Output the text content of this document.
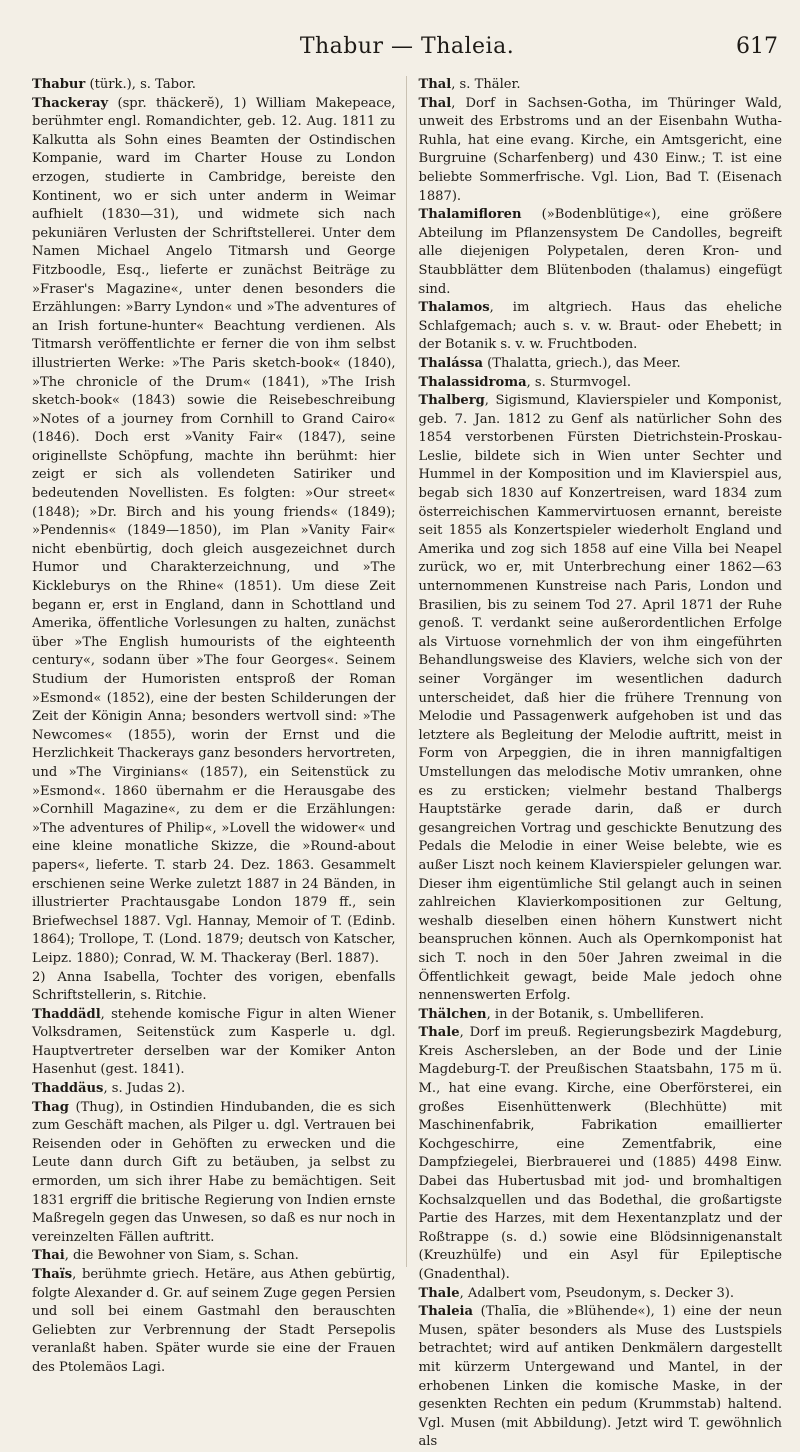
Thabur — Thaleia.	617
Thabur (türk.), s. Tabor.
Thackeray (spr. thäckerĕ), 1) William Makepeace, berühmter engl. Romandichter, geb. 12. Aug. 1811 zu Kalkutta als Sohn eines Beamten der Ostindischen Kompanie, ward im Charter House zu London erzogen, studierte in Cambridge, bereiste den Kontinent, wo er sich unter anderm in Weimar aufhielt (1830—31), und widmete sich nach pekuniären Verlusten der Schriftstellerei. Unter dem Namen Michael Angelo Titmarsh und George Fitzboodle, Esq., lieferte er zunächst Beiträge zu »Fraser's Magazine«, unter denen besonders die Erzählungen: »Barry Lyndon« und »The adventures of an Irish fortune-hunter« Beachtung verdienen. Als Titmarsh veröffentlichte er ferner die von ihm selbst illustrierten Werke: »The Paris sketch-book« (1840), »The chronicle of the Drum« (1841), »The Irish sketch-book« (1843) sowie die Reisebeschreibung »Notes of a journey from Cornhill to Grand Cairo« (1846). Doch erst »Vanity Fair« (1847), seine originellste Schöpfung, machte ihn berühmt: hier zeigt er sich als vollendeten Satiriker und bedeutenden Novellisten. Es folgten: »Our street« (1848); »Dr. Birch and his young friends« (1849); »Pendennis« (1849—1850), im Plan »Vanity Fair« nicht ebenbürtig, doch gleich ausgezeichnet durch Humor und Charakterzeichnung, und »The Kickleburys on the Rhine« (1851). Um diese Zeit begann er, erst in England, dann in Schottland und Amerika, öffentliche Vorlesungen zu halten, zunächst über »The English humourists of the eighteenth century«, sodann über »The four Georges«. Seinem Studium der Humoristen entsproß der Roman »Esmond« (1852), eine der besten Schilderungen der Zeit der Königin Anna; besonders wertvoll sind: »The Newcomes« (1855), worin der Ernst und die Herzlichkeit Thackerays ganz besonders hervortreten, und »The Virginians« (1857), ein Seitenstück zu »Esmond«. 1860 übernahm er die Herausgabe des »Cornhill Magazine«, zu dem er die Erzählungen: »The adventures of Philip«, »Lovell the widower« und eine kleine monatliche Skizze, die »Round-about papers«, lieferte. T. starb 24. Dez. 1863. Gesammelt erschienen seine Werke zuletzt 1887 in 24 Bänden, in illustrierter Prachtausgabe London 1879 ff., sein Briefwechsel 1887. Vgl. Hannay, Memoir of T. (Edinb. 1864); Trollope, T. (Lond. 1879; deutsch von Katscher, Leipz. 1880); Conrad, W. M. Thackeray (Berl. 1887).
2) Anna Isabella, Tochter des vorigen, ebenfalls Schriftstellerin, s. Ritchie.
Thaddädl, stehende komische Figur in alten Wiener Volksdramen, Seitenstück zum Kasperle u. dgl. Hauptvertreter derselben war der Komiker Anton Hasenhut (gest. 1841).
Thaddäus, s. Judas 2).
Thag (Thug), in Ostindien Hindubanden, die es sich zum Geschäft machen, als Pilger u. dgl. Vertrauen bei Reisenden oder in Gehöften zu erwecken und die Leute dann durch Gift zu betäuben, ja selbst zu ermorden, um sich ihrer Habe zu bemächtigen. Seit 1831 ergriff die britische Regierung von Indien ernste Maßregeln gegen das Unwesen, so daß es nur noch in vereinzelten Fällen auftritt.
Thai, die Bewohner von Siam, s. Schan.
Thaïs, berühmte griech. Hetäre, aus Athen gebürtig, folgte Alexander d. Gr. auf seinem Zuge gegen Persien und soll bei einem Gastmahl den berauschten Geliebten zur Verbrennung der Stadt Persepolis veranlaßt haben. Später wurde sie eine der Frauen des Ptolemäos Lagi.
Thal, s. Thäler.
Thal, Dorf in Sachsen-Gotha, im Thüringer Wald, unweit des Erbstroms und an der Eisenbahn Wutha-Ruhla, hat eine evang. Kirche, ein Amtsgericht, eine Burgruine (Scharfenberg) und 430 Einw.; T. ist eine beliebte Sommerfrische. Vgl. Lion, Bad T. (Eisenach 1887).
Thalamifloren (»Bodenblütige«), eine größere Abteilung im Pflanzensystem De Candolles, begreift alle diejenigen Polypetalen, deren Kron- und Staubblätter dem Blütenboden (thalamus) eingefügt sind.
Thalamos, im altgriech. Haus das eheliche Schlafgemach; auch s. v. w. Braut- oder Ehebett; in der Botanik s. v. w. Fruchtboden.
Thalássa (Thalatta, griech.), das Meer.
Thalassidroma, s. Sturmvogel.
Thalberg, Sigismund, Klavierspieler und Komponist, geb. 7. Jan. 1812 zu Genf als natürlicher Sohn des 1854 verstorbenen Fürsten Dietrichstein-Proskau-Leslie, bildete sich in Wien unter Sechter und Hummel in der Komposition und im Klavierspiel aus, begab sich 1830 auf Konzertreisen, ward 1834 zum österreichischen Kammervirtuosen ernannt, bereiste seit 1855 als Konzertspieler wiederholt England und Amerika und zog sich 1858 auf eine Villa bei Neapel zurück, wo er, mit Unterbrechung einer 1862—63 unternommenen Kunstreise nach Paris, London und Brasilien, bis zu seinem Tod 27. April 1871 der Ruhe genoß. T. verdankt seine außerordentlichen Erfolge als Virtuose vornehmlich der von ihm eingeführten Behandlungsweise des Klaviers, welche sich von der seiner Vorgänger im wesentlichen dadurch unterscheidet, daß hier die frühere Trennung von Melodie und Passagenwerk aufgehoben ist und das letztere als Begleitung der Melodie auftritt, meist in Form von Arpeggien, die in ihren mannigfaltigen Umstellungen das melodische Motiv umranken, ohne es zu ersticken; vielmehr bestand Thalbergs Hauptstärke gerade darin, daß er durch gesangreichen Vortrag und geschickte Benutzung des Pedals die Melodie in einer Weise belebte, wie es außer Liszt noch keinem Klavierspieler gelungen war. Dieser ihm eigentümliche Stil gelangt auch in seinen zahlreichen Klavierkompositionen zur Geltung, weshalb dieselben einen höhern Kunstwert nicht beanspruchen können. Auch als Opernkomponist hat sich T. noch in den 50er Jahren zweimal in die Öffentlichkeit gewagt, beide Male jedoch ohne nennenswerten Erfolg.
Thälchen, in der Botanik, s. Umbelliferen.
Thale, Dorf im preuß. Regierungsbezirk Magdeburg, Kreis Aschersleben, an der Bode und der Linie Magdeburg-T. der Preußischen Staatsbahn, 175 m ü. M., hat eine evang. Kirche, eine Oberförsterei, ein großes Eisenhüttenwerk (Blechhütte) mit Maschinenfabrik, Fabrikation emaillierter Kochgeschirre, eine Zementfabrik, eine Dampfziegelei, Bierbrauerei und (1885) 4498 Einw. Dabei das Hubertusbad mit jod- und bromhaltigen Kochsalzquellen und das Bodethal, die großartigste Partie des Harzes, mit dem Hexentanzplatz und der Roßtrappe (s. d.) sowie eine Blödsinnigenanstalt (Kreuzhülfe) und ein Asyl für Epileptische (Gnadenthal).
Thale, Adalbert vom, Pseudonym, s. Decker 3).
Thaleia (Thalīa, die »Blühende«), 1) eine der neun Musen, später besonders als Muse des Lustspiels betrachtet; wird auf antiken Denkmälern dargestellt mit kürzerm Untergewand und Mantel, in der erhobenen Linken die komische Maske, in der gesenkten Rechten ein pedum (Krummstab) haltend. Vgl. Musen (mit Abbildung). Jetzt wird T. gewöhnlich als
